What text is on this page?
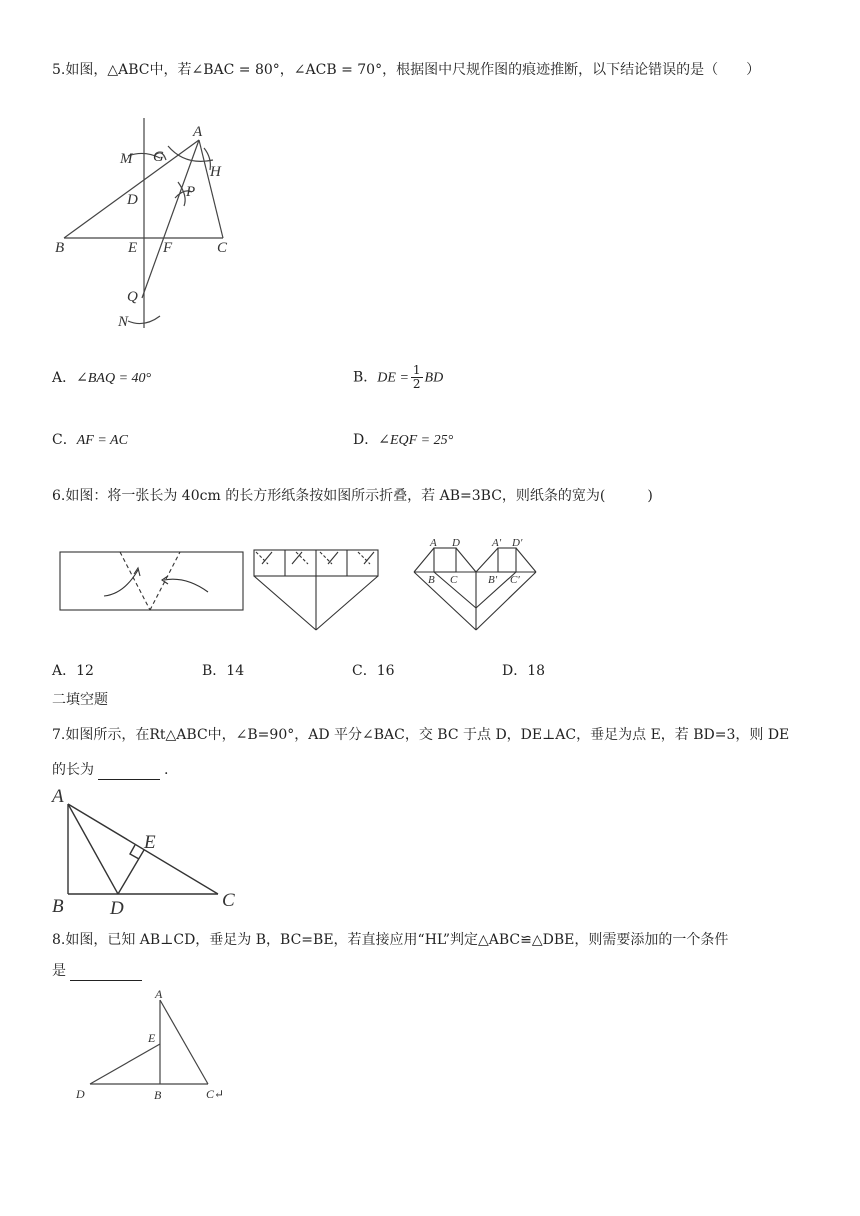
5.如图，△ABC中，若∠BAC = 80°，∠ACB = 70°，根据图中尺规作图的痕迹推断，以下结论错误的是（　　）
A
M G
H
D	P
B	E F	C
Q
N
A．∠BAQ = 40°	B．DE = $\frac{1}{2}$ BD
C．AF = AC	D．∠EQF = 25°
6.如图：将一张长为 40cm 的长方形纸条按如图所示折叠，若 AB=3BC，则纸条的宽为(　　　)
A D
B C
A′ D′
B′ C′
A．12	B．14	C．16	D．18
二填空题
7.如图所示，在Rt△ABC中，∠B=90°，AD 平分∠BAC，交 BC 于点 D，DE⊥AC，垂足为点 E，若 BD=3，则 DE
的长为	.
A
E
B D	C
8.如图，已知 AB⊥CD，垂足为 B，BC=BE，若直接应用“HL”判定△ABC≌△DBE，则需要添加的一个条件
是
A
E
D	B	C↵
